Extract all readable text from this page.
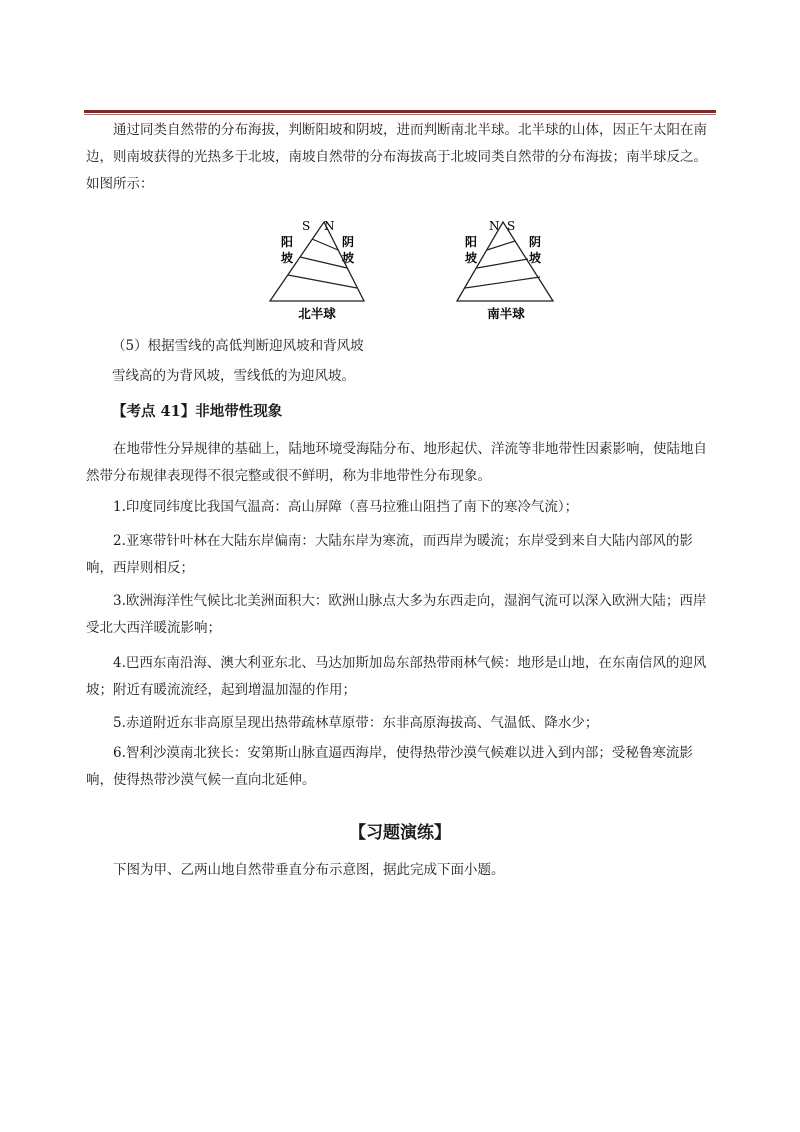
通过同类自然带的分布海拔，判断阳坡和阴坡，进而判断南北半球。北半球的山体，因正午太阳在南边，则南坡获得的光热多于北坡，南坡自然带的分布海拔高于北坡同类自然带的分布海拔；南半球反之。

如图所示：

S N
阳
坡
阴
坡
北半球
N S
阳
坡
阴
坡
南半球

（5）根据雪线的高低判断迎风坡和背风坡

雪线高的为背风坡，雪线低的为迎风坡。

【考点 41】非地带性现象

在地带性分异规律的基础上，陆地环境受海陆分布、地形起伏、洋流等非地带性因素影响，使陆地自然带分布规律表现得不很完整或很不鲜明，称为非地带性分布现象。

1.印度同纬度比我国气温高：高山屏障（喜马拉雅山阻挡了南下的寒冷气流）；

2.亚寒带针叶林在大陆东岸偏南：大陆东岸为寒流，而西岸为暖流；东岸受到来自大陆内部风的影响，西岸则相反；

3.欧洲海洋性气候比北美洲面积大：欧洲山脉点大多为东西走向，湿润气流可以深入欧洲大陆；西岸受北大西洋暖流影响；

4.巴西东南沿海、澳大利亚东北、马达加斯加岛东部热带雨林气候：地形是山地，在东南信风的迎风坡；附近有暖流流经，起到增温加湿的作用；

5.赤道附近东非高原呈现出热带疏林草原带：东非高原海拔高、气温低、降水少；

6.智利沙漠南北狭长：安第斯山脉直逼西海岸，使得热带沙漠气候难以进入到内部；受秘鲁寒流影响，使得热带沙漠气候一直向北延伸。

【习题演练】

下图为甲、乙两山地自然带垂直分布示意图，据此完成下面小题。
